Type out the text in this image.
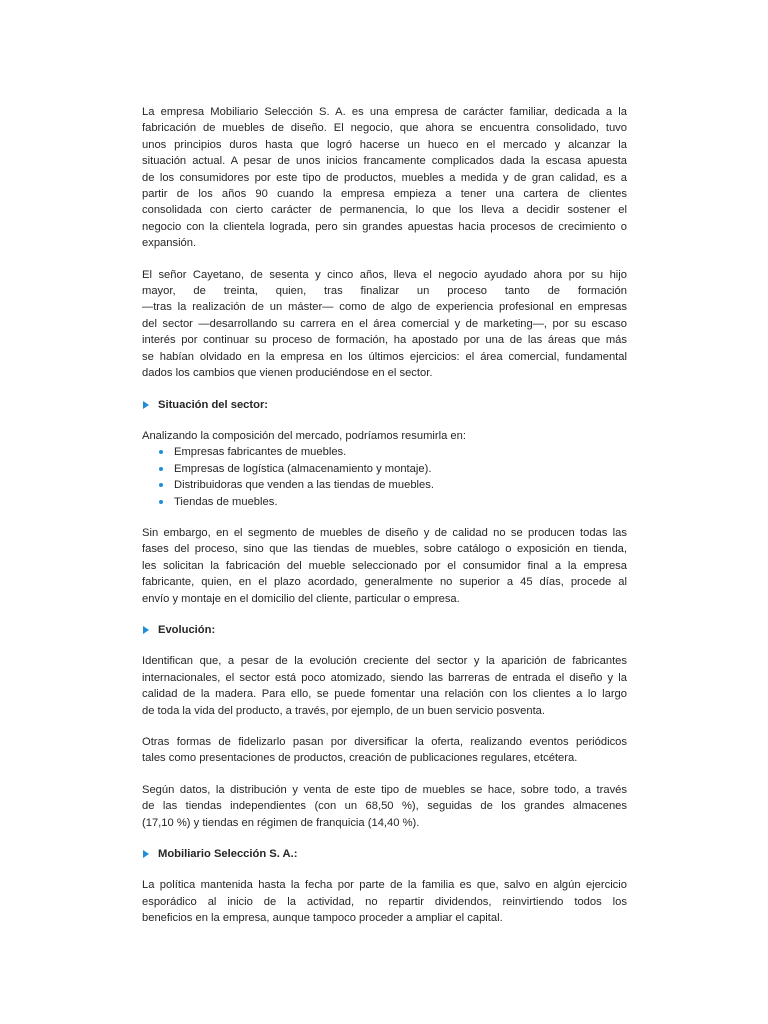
La empresa Mobiliario Selección S. A. es una empresa de carácter familiar, dedicada a la
fabricación de muebles de diseño. El negocio, que ahora se encuentra consolidado, tuvo
unos principios duros hasta que logró hacerse un hueco en el mercado y alcanzar la
situación actual. A pesar de unos inicios francamente complicados dada la escasa apuesta
de los consumidores por este tipo de productos, muebles a medida y de gran calidad, es a
partir de los años 90 cuando la empresa empieza a tener una cartera de clientes
consolidada con cierto carácter de permanencia, lo que los lleva a decidir sostener el
negocio con la clientela lograda, pero sin grandes apuestas hacia procesos de crecimiento o
expansión.
El señor Cayetano, de sesenta y cinco años, lleva el negocio ayudado ahora por su hijo
mayor, de treinta, quien, tras finalizar un proceso tanto de formación
—tras la realización de un máster— como de algo de experiencia profesional en empresas
del sector —desarrollando su carrera en el área comercial y de marketing—, por su escaso
interés por continuar su proceso de formación, ha apostado por una de las áreas que más
se habían olvidado en la empresa en los últimos ejercicios: el área comercial, fundamental
dados los cambios que vienen produciéndose en el sector.
Situación del sector:

Analizando la composición del mercado, podríamos resumirla en:

Empresas fabricantes de muebles.
Empresas de logística (almacenamiento y montaje).
Distribuidoras que venden a las tiendas de muebles.
Tiendas de muebles.
Sin embargo, en el segmento de muebles de diseño y de calidad no se producen todas las
fases del proceso, sino que las tiendas de muebles, sobre catálogo o exposición en tienda,
les solicitan la fabricación del mueble seleccionado por el consumidor final a la empresa
fabricante, quien, en el plazo acordado, generalmente no superior a 45 días, procede al
envío y montaje en el domicilio del cliente, particular o empresa.
Evolución:
Identifican que, a pesar de la evolución creciente del sector y la aparición de fabricantes
internacionales, el sector está poco atomizado, siendo las barreras de entrada el diseño y la
calidad de la madera. Para ello, se puede fomentar una relación con los clientes a lo largo
de toda la vida del producto, a través, por ejemplo, de un buen servicio posventa.
Otras formas de fidelizarlo pasan por diversificar la oferta, realizando eventos periódicos
tales como presentaciones de productos, creación de publicaciones regulares, etcétera.
Según datos, la distribución y venta de este tipo de muebles se hace, sobre todo, a través
de las tiendas independientes (con un 68,50 %), seguidas de los grandes almacenes
(17,10 %) y tiendas en régimen de franquicia (14,40 %).
Mobiliario Selección S. A.:
La política mantenida hasta la fecha por parte de la familia es que, salvo en algún ejercicio
esporádico al inicio de la actividad, no repartir dividendos, reinvirtiendo todos los
beneficios en la empresa, aunque tampoco proceder a ampliar el capital.
